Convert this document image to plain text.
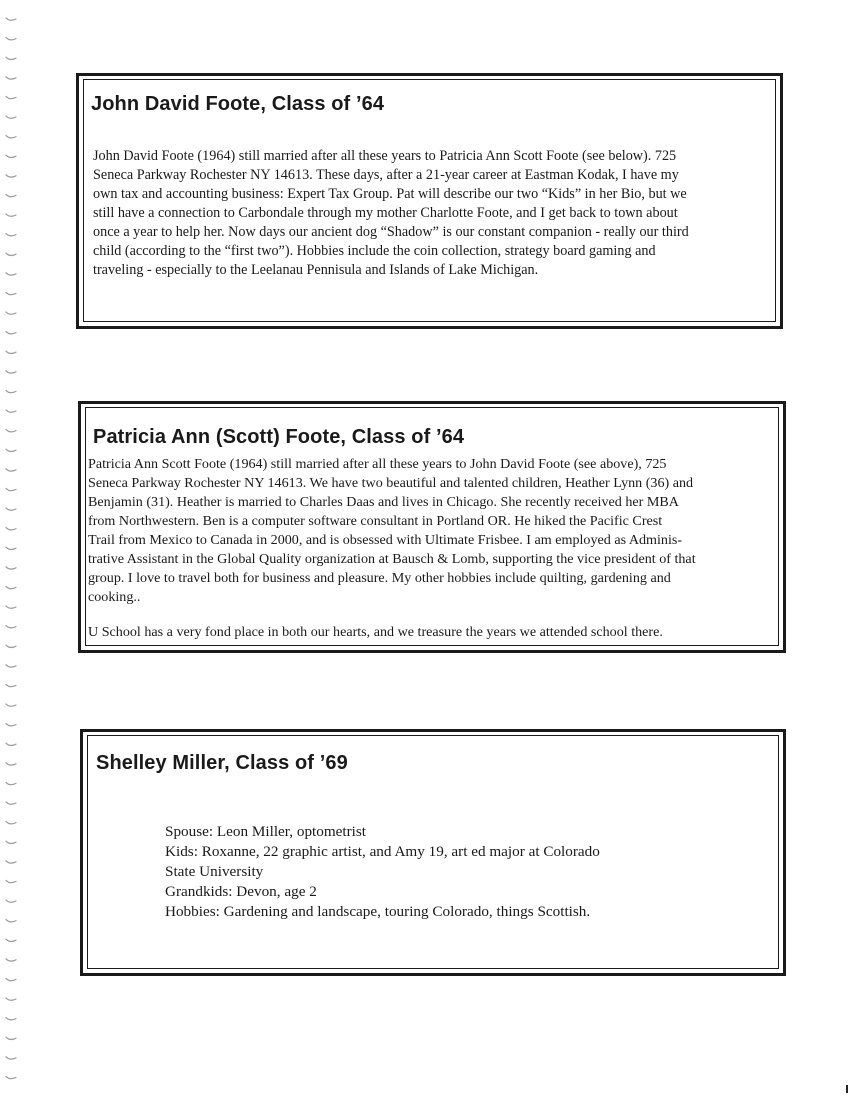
John David Foote, Class of ’64
John David Foote (1964) still married after all these years to Patricia Ann Scott Foote (see below). 725
Seneca Parkway Rochester NY 14613. These days, after a 21-year career at Eastman Kodak, I have my
own tax and accounting business: Expert Tax Group. Pat will describe our two “Kids” in her Bio, but we
still have a connection to Carbondale through my mother Charlotte Foote, and I get back to town about
once a year to help her. Now days our ancient dog “Shadow” is our constant companion - really our third
child (according to the “first two”). Hobbies include the coin collection, strategy board gaming and
traveling - especially to the Leelanau Pennisula and Islands of Lake Michigan.
Patricia Ann (Scott) Foote, Class of ’64
Patricia Ann Scott Foote (1964) still married after all these years to John David Foote (see above), 725
Seneca Parkway Rochester NY 14613. We have two beautiful and talented children, Heather Lynn (36) and
Benjamin (31). Heather is married to Charles Daas and lives in Chicago. She recently received her MBA
from Northwestern. Ben is a computer software consultant in Portland OR. He hiked the Pacific Crest
Trail from Mexico to Canada in 2000, and is obsessed with Ultimate Frisbee. I am employed as Adminis-
trative Assistant in the Global Quality organization at Bausch & Lomb, supporting the vice president of that
group. I love to travel both for business and pleasure. My other hobbies include quilting, gardening and
cooking..
U School has a very fond place in both our hearts, and we treasure the years we attended school there.
Shelley Miller, Class of ’69
Spouse: Leon Miller, optometrist
Kids: Roxanne, 22 graphic artist, and Amy 19, art ed major at Colorado
State University
Grandkids: Devon, age 2
Hobbies: Gardening and landscape, touring Colorado, things Scottish.
